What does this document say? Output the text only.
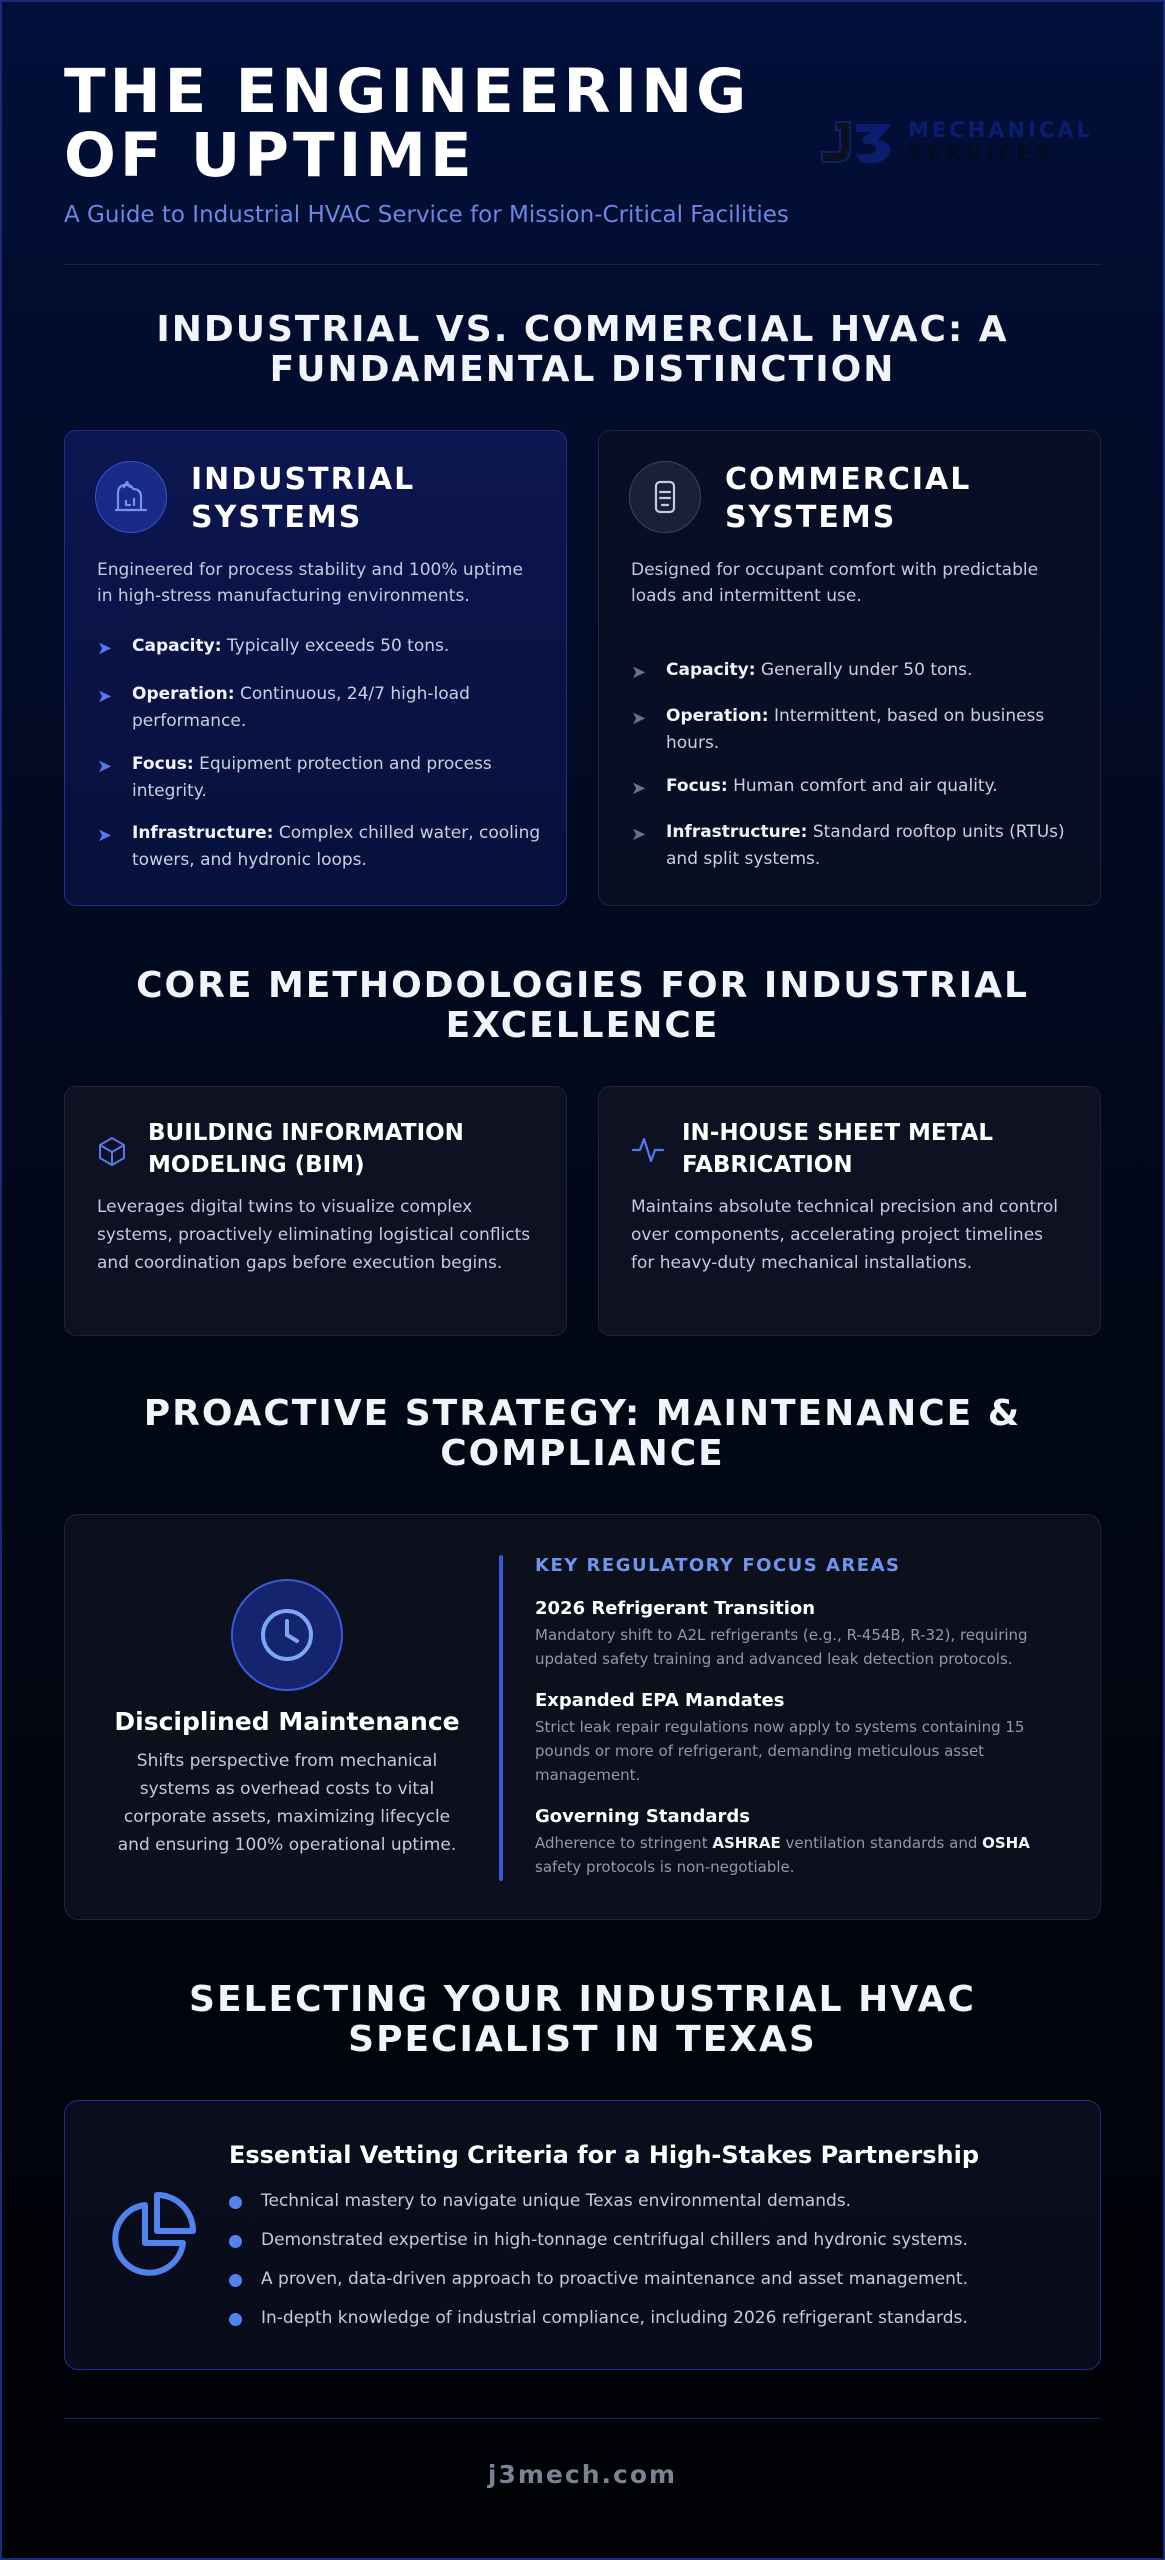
THE ENGINEERING
OF UPTIME
A Guide to Industrial HVAC Service for Mission-Critical Facilities
MECHANICAL
SERVICES
INDUSTRIAL VS. COMMERCIAL HVAC: A FUNDAMENTAL DISTINCTION
INDUSTRIAL
SYSTEMS
Engineered for process stability and 100% uptime in high-stress manufacturing environments.
➤ Capacity: Typically exceeds 50 tons.
➤ Operation: Continuous, 24/7 high-load performance.
➤ Focus: Equipment protection and process integrity.
➤ Infrastructure: Complex chilled water, cooling towers, and hydronic loops.
COMMERCIAL
SYSTEMS
Designed for occupant comfort with predictable loads and intermittent use.
➤ Capacity: Generally under 50 tons.
➤ Operation: Intermittent, based on business hours.
➤ Focus: Human comfort and air quality.
➤ Infrastructure: Standard rooftop units (RTUs) and split systems.
CORE METHODOLOGIES FOR INDUSTRIAL EXCELLENCE
BUILDING INFORMATION
MODELING (BIM)
Leverages digital twins to visualize complex systems, proactively eliminating logistical conflicts and coordination gaps before execution begins.
IN-HOUSE SHEET METAL
FABRICATION
Maintains absolute technical precision and control over components, accelerating project timelines for heavy-duty mechanical installations.
PROACTIVE STRATEGY: MAINTENANCE & COMPLIANCE
Disciplined Maintenance
Shifts perspective from mechanical systems as overhead costs to vital corporate assets, maximizing lifecycle and ensuring 100% operational uptime.
KEY REGULATORY FOCUS AREAS
2026 Refrigerant Transition
Mandatory shift to A2L refrigerants (e.g., R-454B, R-32), requiring updated safety training and advanced leak detection protocols.
Expanded EPA Mandates
Strict leak repair regulations now apply to systems containing 15 pounds or more of refrigerant, demanding meticulous asset management.
Governing Standards
Adherence to stringent ASHRAE ventilation standards and OSHA safety protocols is non-negotiable.
SELECTING YOUR INDUSTRIAL HVAC SPECIALIST IN TEXAS
Essential Vetting Criteria for a High-Stakes Partnership
Technical mastery to navigate unique Texas environmental demands.
Demonstrated expertise in high-tonnage centrifugal chillers and hydronic systems.
A proven, data-driven approach to proactive maintenance and asset management.
In-depth knowledge of industrial compliance, including 2026 refrigerant standards.
j3mech.com
